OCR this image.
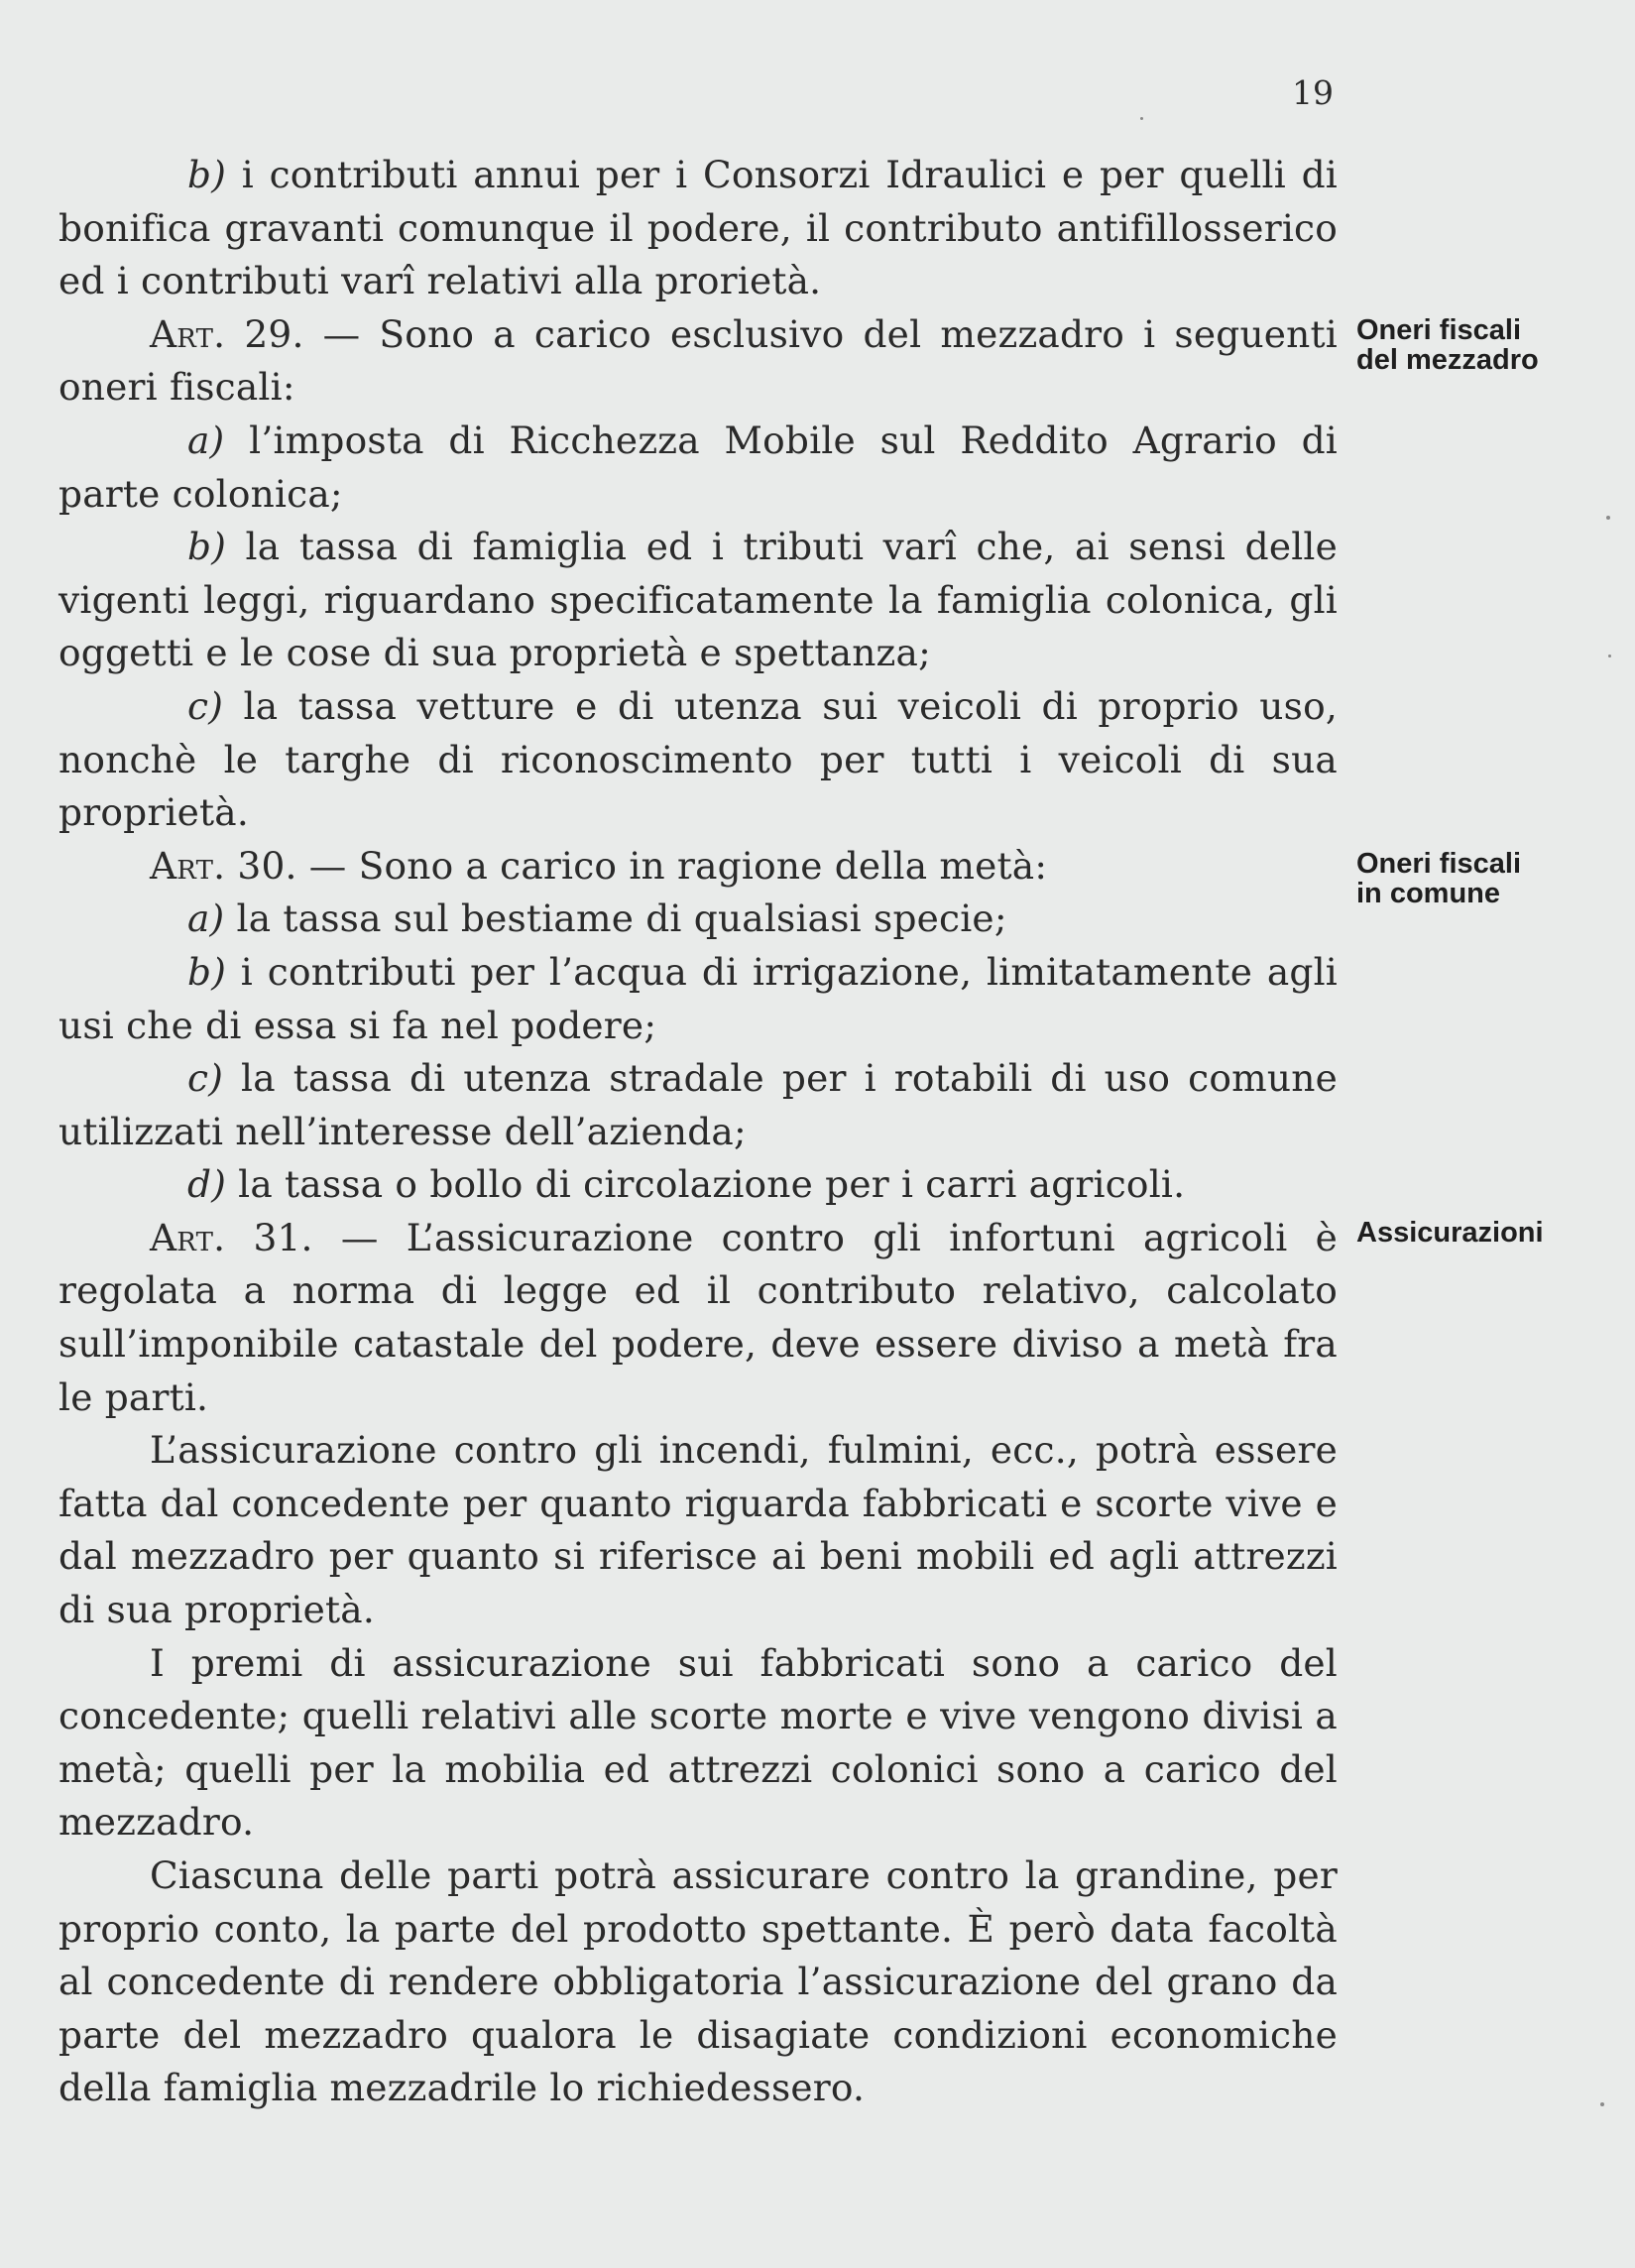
19

b) i contributi annui per i Consorzi Idraulici e per quelli di bonifica gravanti comunque il podere, il contributo antifillosserico ed i contributi varî relativi alla prorietà.

Art. 29. — Sono a carico esclusivo del mezzadro i seguenti oneri fiscali:

a) l’imposta di Ricchezza Mobile sul Reddito Agrario di parte colonica;

b) la tassa di famiglia ed i tributi varî che, ai sensi delle vigenti leggi, riguardano specificatamente la famiglia colonica, gli oggetti e le cose di sua proprietà e spettanza;

c) la tassa vetture e di utenza sui veicoli di proprio uso, nonchè le targhe di riconoscimento per tutti i veicoli di sua proprietà.

Art. 30. — Sono a carico in ragione della metà:

a) la tassa sul bestiame di qualsiasi specie;

b) i contributi per l’acqua di irrigazione, limitatamente agli usi che di essa si fa nel podere;

c) la tassa di utenza stradale per i rotabili di uso comune utilizzati nell’interesse dell’azienda;

d) la tassa o bollo di circolazione per i carri agricoli.

Art. 31. — L’assicurazione contro gli infortuni agricoli è regolata a norma di legge ed il contributo relativo, calcolato sull’imponibile catastale del podere, deve essere diviso a metà fra le parti.

L’assicurazione contro gli incendi, fulmini, ecc., potrà essere fatta dal concedente per quanto riguarda fabbricati e scorte vive e dal mezzadro per quanto si riferisce ai beni mobili ed agli attrezzi di sua proprietà.

I premi di assicurazione sui fabbricati sono a carico del concedente; quelli relativi alle scorte morte e vive vengono divisi a metà; quelli per la mobilia ed attrezzi colonici sono a carico del mezzadro.

Ciascuna delle parti potrà assicurare contro la grandine, per proprio conto, la parte del prodotto spettante. È però data facoltà al concedente di rendere obbligatoria l’assicurazione del grano da parte del mezzadro qualora le disagiate condizioni economiche della famiglia mezzadrile lo richiedessero.

Oneri fiscali
del mezzadro
Oneri fiscali
in comune
Assicurazioni
